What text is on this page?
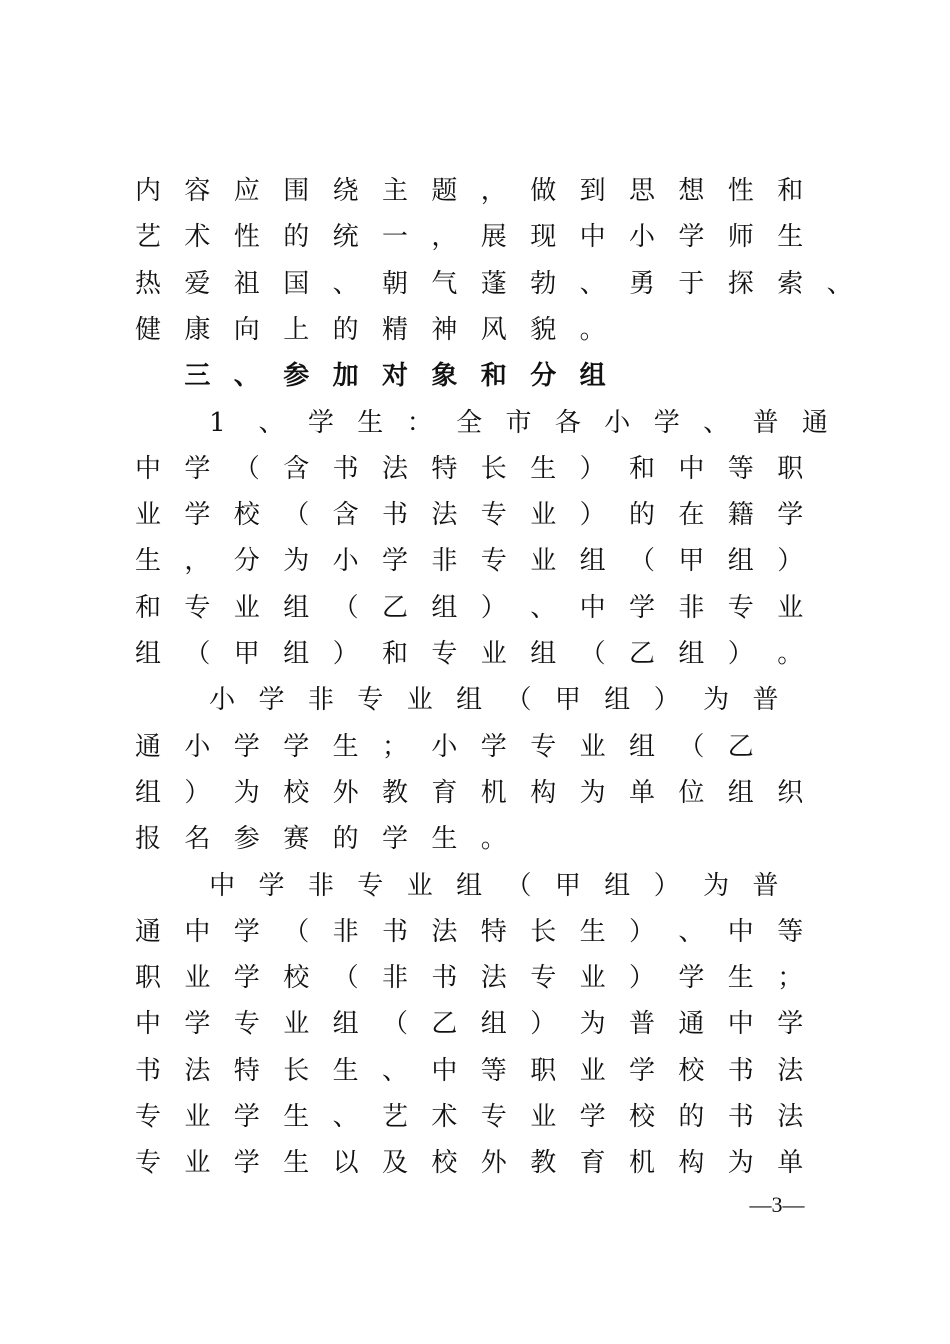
内 容 应 围 绕 主 题 ， 做 到 思 想 性 和
艺 术 性 的 统 一 ， 展 现 中 小 学 师 生
热 爱 祖 国 、 朝 气 蓬 勃 、 勇 于 探 索 、
健 康 向 上 的 精 神 风 貌 。
三 、 参 加 对 象 和 分 组
1	、 学 生 ： 全 市 各 小 学 、 普 通
中 学 （ 含 书 法 特 长 生 ） 和 中 等 职
业 学 校 （ 含 书 法 专 业 ） 的 在 籍 学
生 ， 分 为 小 学 非 专 业 组 （ 甲 组 ）
和 专 业 组 （ 乙 组 ） 、 中 学 非 专 业
组 （ 甲 组 ） 和 专 业 组 （ 乙 组 ） 。
小 学 非 专 业 组 （ 甲 组 ） 为 普
通 小 学 学 生 ； 小 学 专 业 组 （ 乙
组 ） 为 校 外 教 育 机 构 为 单 位 组 织
报 名 参 赛 的 学 生 。
中 学 非 专 业 组 （ 甲 组 ） 为 普
通 中 学 （ 非 书 法 特 长 生 ） 、 中 等
职 业 学 校 （ 非 书 法 专 业 ） 学 生 ；
中 学 专 业 组 （ 乙 组 ） 为 普 通 中 学
书 法 特 长 生 、 中 等 职 业 学 校 书 法
专 业 学 生 、 艺 术 专 业 学 校 的 书 法
专 业 学 生 以 及 校 外 教 育 机 构 为 单
—3—
